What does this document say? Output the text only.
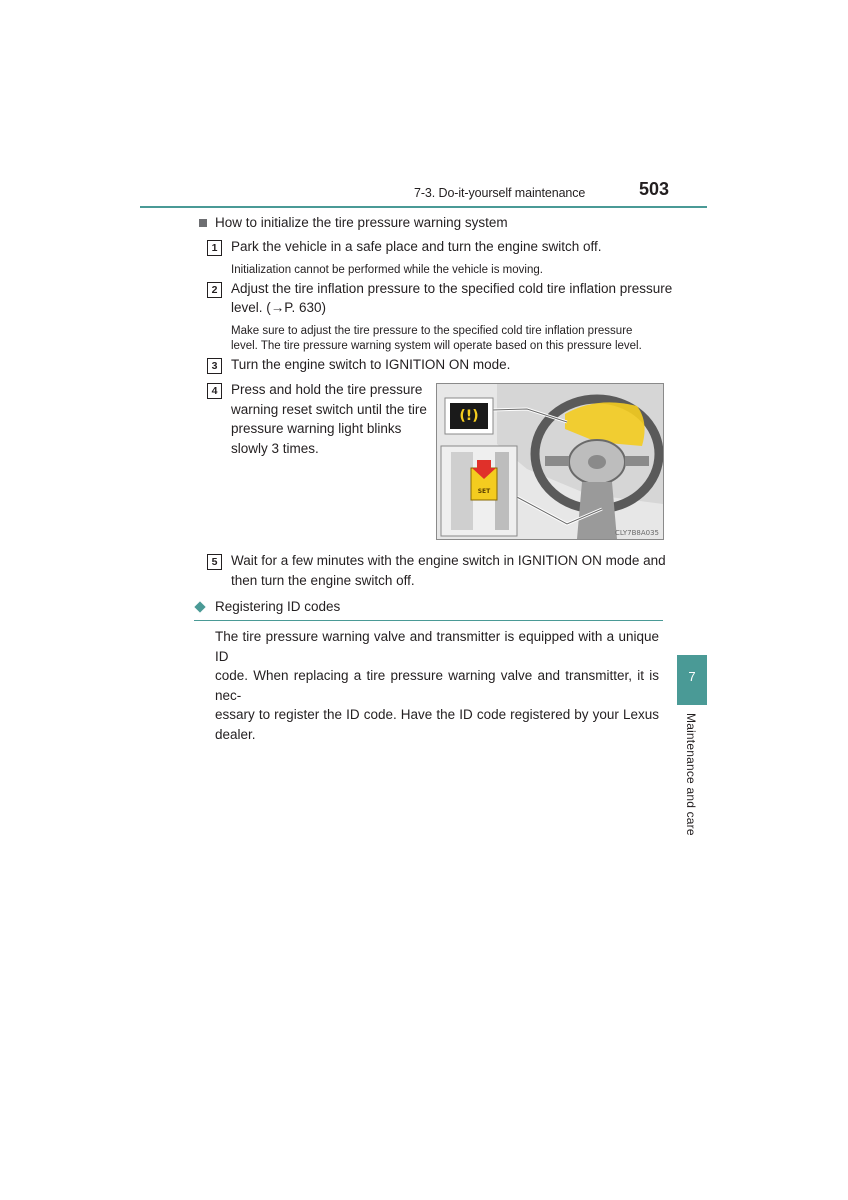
7-3. Do-it-yourself maintenance	503
How to initialize the tire pressure warning system
1	Park the vehicle in a safe place and turn the engine switch off.
Initialization cannot be performed while the vehicle is moving.
2	Adjust the tire inflation pressure to the specified cold tire inflation pressure
level. (→P. 630)
Make sure to adjust the tire pressure to the specified cold tire inflation pressure
level. The tire pressure warning system will operate based on this pressure level.
3	Turn the engine switch to IGNITION ON mode.
4	Press and hold the tire pressure
warning reset switch until the tire
pressure warning light blinks
slowly 3 times.
(!)
SET
CLY7B8A035
5	Wait for a few minutes with the engine switch in IGNITION ON mode and
then turn the engine switch off.
Registering ID codes
The tire pressure warning valve and transmitter is equipped with a unique ID
code. When replacing a tire pressure warning valve and transmitter, it is nec-
essary to register the ID code. Have the ID code registered by your Lexus
dealer.
7
Maintenance and care
